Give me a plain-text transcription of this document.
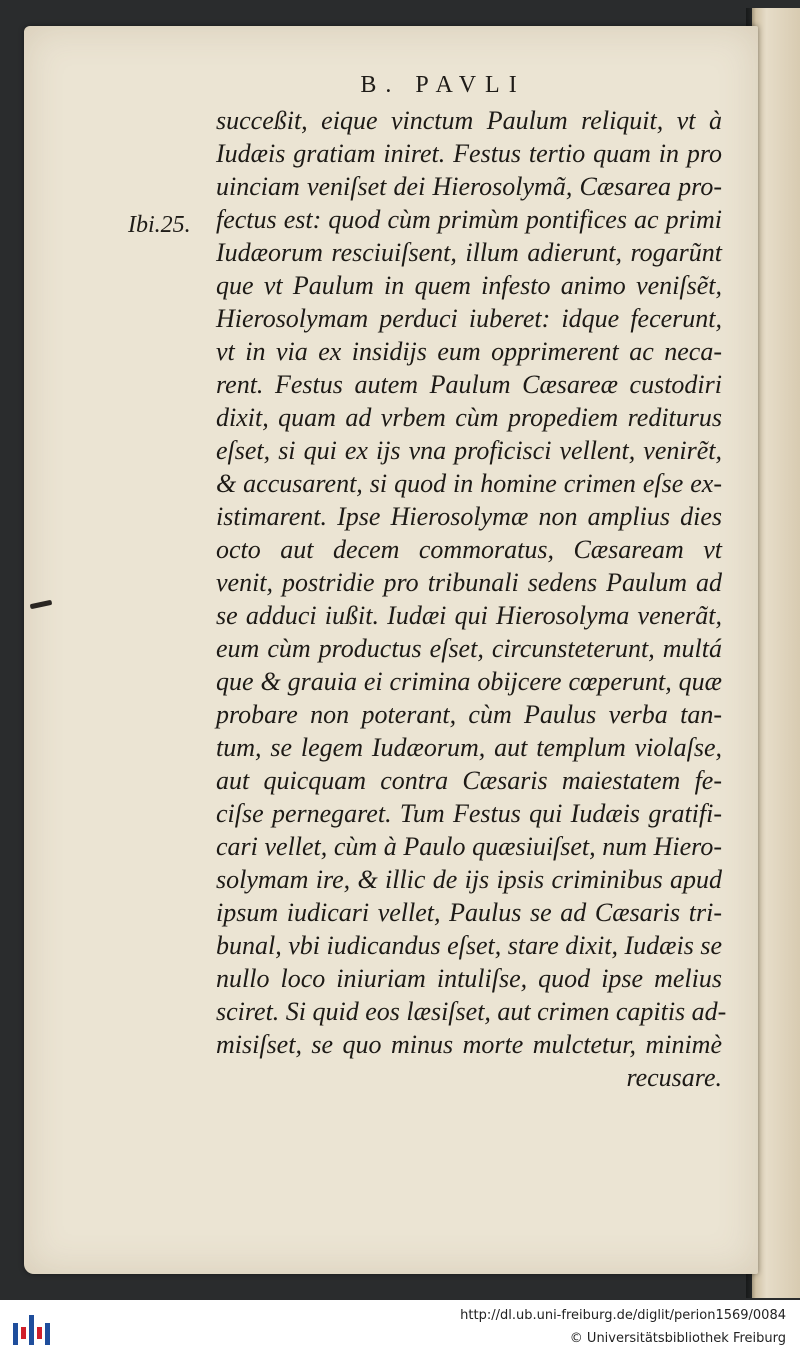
B. PAVLI
Ibi.25.
succeßit, eique vinctum Paulum reliquit, vt à
Iudæis gratiam iniret. Festus tertio quam in pro
uinciam veniſset dei Hierosolymã, Cæsarea pro-
fectus est: quod cùm primùm pontifices ac primi
Iudæorum resciuiſsent, illum adierunt, rogarũnt
que vt Paulum in quem infesto animo veniſsẽt,
Hierosolymam perduci iuberet: idque fecerunt,
vt in via ex insidijs eum opprimerent ac neca-
rent. Festus autem Paulum Cæsareæ custodiri
dixit, quam ad vrbem cùm propediem rediturus
eſset, si qui ex ijs vna proficisci vellent, venirẽt,
& accusarent, si quod in homine crimen eſse ex-
istimarent. Ipse Hierosolymæ non amplius dies
octo aut decem commoratus, Cæsaream vt
venit, postridie pro tribunali sedens Paulum ad
se adduci iußit. Iudæi qui Hierosolyma venerãt,
eum cùm productus eſset, circunsteterunt, multá
que & grauia ei crimina obijcere cœperunt, quæ
probare non poterant, cùm Paulus verba tan-
tum, se legem Iudæorum, aut templum violaſse,
aut quicquam contra Cæsaris maiestatem fe-
ciſse pernegaret. Tum Festus qui Iudæis gratifi-
cari vellet, cùm à Paulo quæsiuiſset, num Hiero-
solymam ire, & illic de ijs ipsis criminibus apud
ipsum iudicari vellet, Paulus se ad Cæsaris tri-
bunal, vbi iudicandus eſset, stare dixit, Iudæis se
nullo loco iniuriam intuliſse, quod ipse melius
sciret. Si quid eos læsiſset, aut crimen capitis ad-
misiſset, se quo minus morte mulctetur, minimè
recusare.
http://dl.ub.uni-freiburg.de/diglit/perion1569/0084
© Universitätsbibliothek Freiburg
